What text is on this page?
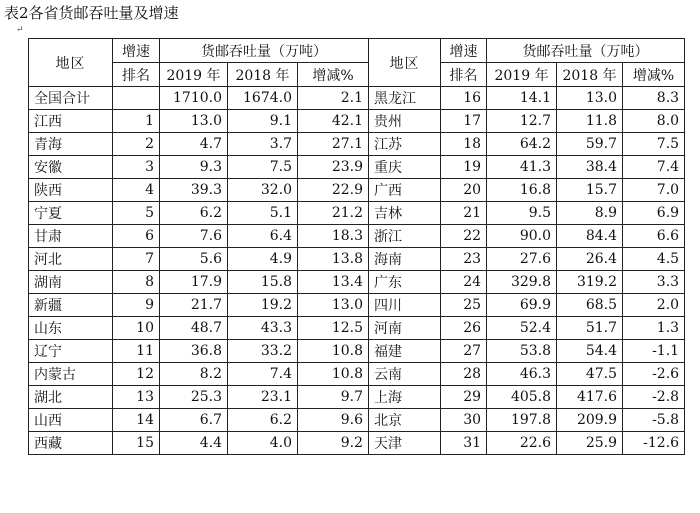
表2各省货邮吞吐量及增速
↵
地区	增速	货邮吞吐量（万吨）			地区	增速	货邮吞吐量（万吨）		
	排名	2019 年	2018 年	增减%		排名	2019 年	2018 年	增减%
全国合计		1710.0	1674.0	2.1	黑龙江	16	14.1	13.0	8.3
江西	1	13.0	9.1	42.1	贵州	17	12.7	11.8	8.0
青海	2	4.7	3.7	27.1	江苏	18	64.2	59.7	7.5
安徽	3	9.3	7.5	23.9	重庆	19	41.3	38.4	7.4
陕西	4	39.3	32.0	22.9	广西	20	16.8	15.7	7.0
宁夏	5	6.2	5.1	21.2	吉林	21	9.5	8.9	6.9
甘肃	6	7.6	6.4	18.3	浙江	22	90.0	84.4	6.6
河北	7	5.6	4.9	13.8	海南	23	27.6	26.4	4.5
湖南	8	17.9	15.8	13.4	广东	24	329.8	319.2	3.3
新疆	9	21.7	19.2	13.0	四川	25	69.9	68.5	2.0
山东	10	48.7	43.3	12.5	河南	26	52.4	51.7	1.3
辽宁	11	36.8	33.2	10.8	福建	27	53.8	54.4	-1.1
内蒙古	12	8.2	7.4	10.8	云南	28	46.3	47.5	-2.6
湖北	13	25.3	23.1	9.7	上海	29	405.8	417.6	-2.8
山西	14	6.7	6.2	9.6	北京	30	197.8	209.9	-5.8
西藏	15	4.4	4.0	9.2	天津	31	22.6	25.9	-12.6
